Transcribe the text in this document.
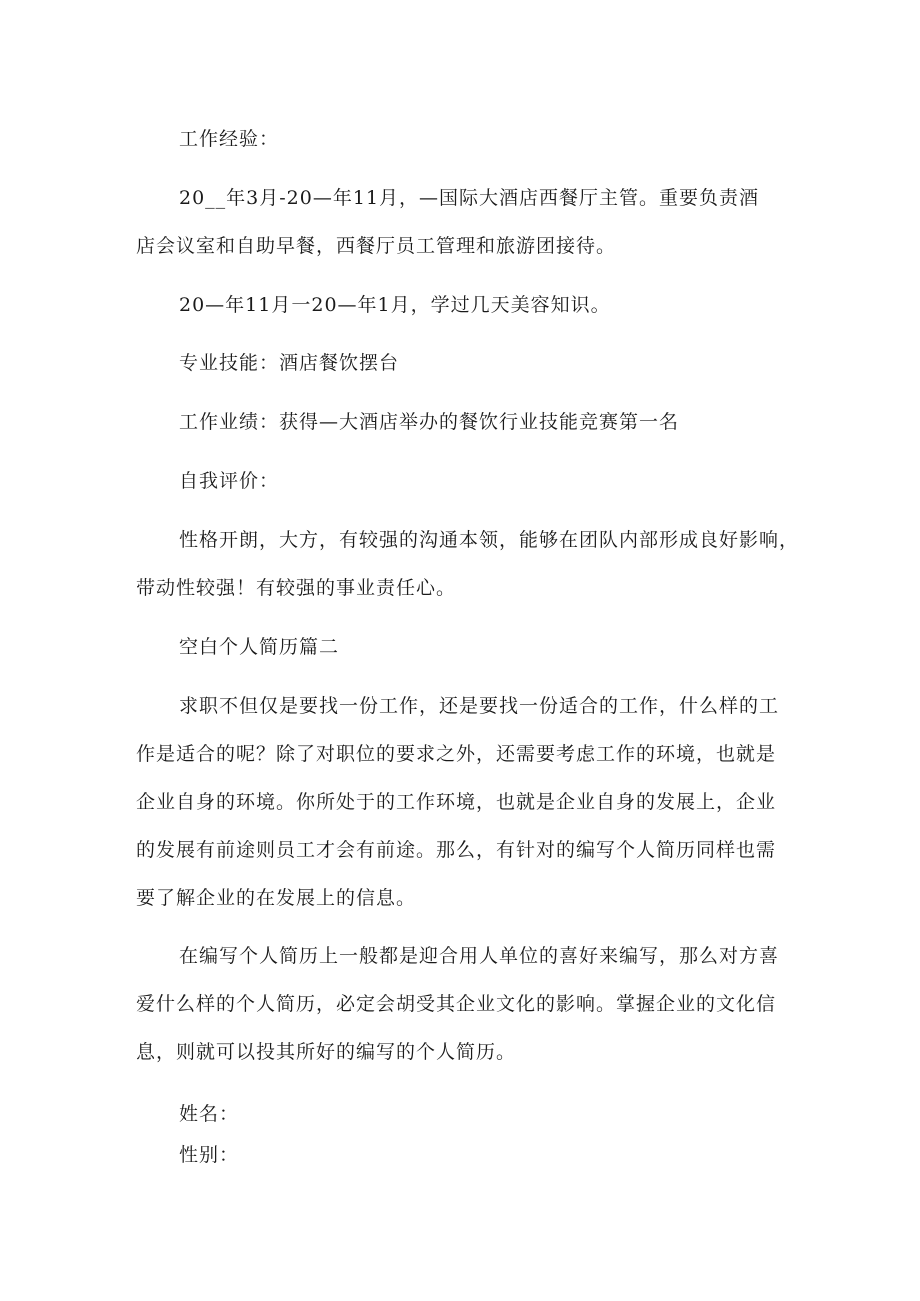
工作经验：
20__年3月-20—年11月，—国际大酒店西餐厅主管。重要负责酒
店会议室和自助早餐，西餐厅员工管理和旅游团接待。
20—年11月一20—年1月，学过几天美容知识。
专业技能：酒店餐饮摆台
工作业绩：获得—大酒店举办的餐饮行业技能竞赛第一名
自我评价：
性格开朗，大方，有较强的沟通本领，能够在团队内部形成良好影响，
带动性较强！有较强的事业责任心。
空白个人简历篇二
求职不但仅是要找一份工作，还是要找一份适合的工作，什么样的工
作是适合的呢？除了对职位的要求之外，还需要考虑工作的环境，也就是
企业自身的环境。你所处于的工作环境，也就是企业自身的发展上，企业
的发展有前途则员工才会有前途。那么，有针对的编写个人简历同样也需
要了解企业的在发展上的信息。
在编写个人简历上一般都是迎合用人单位的喜好来编写，那么对方喜
爱什么样的个人简历，必定会胡受其企业文化的影响。掌握企业的文化信
息，则就可以投其所好的编写的个人简历。
姓名：
性别：
